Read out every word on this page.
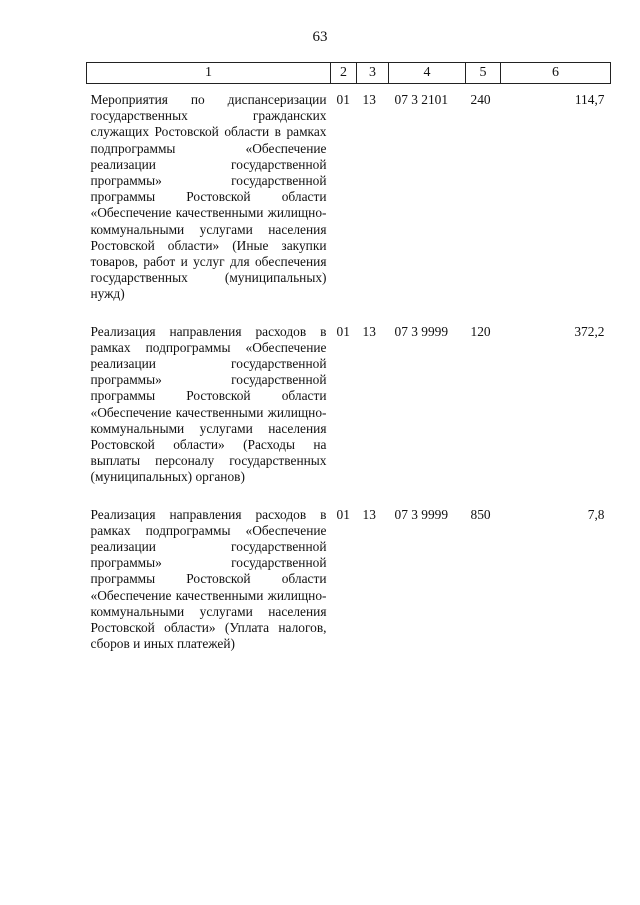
63
1	2	3	4	5	6
Мероприятия по диспансеризации государственных гражданских служащих Ростовской области в рамках подпрограммы «Обеспечение реализации государственной программы» государственной программы Ростовской области «Обеспечение качественными жилищно-коммунальными услугами населения Ростовской области» (Иные закупки товаров, работ и услуг для обеспечения государственных (муниципальных) нужд)	01	13	07 3 2101	240	114,7
Реализация направления расходов в рамках подпрограммы «Обеспечение реализации государственной программы» государственной программы Ростовской области «Обеспечение качественными жилищно-коммунальными услугами населения Ростовской области» (Расходы на выплаты персоналу государственных (муниципальных) органов)	01	13	07 3 9999	120	372,2
Реализация направления расходов в рамках подпрограммы «Обеспечение реализации государственной программы» государственной программы Ростовской области «Обеспечение качественными жилищно-коммунальными услугами населения Ростовской области» (Уплата налогов, сборов и иных платежей)	01	13	07 3 9999	850	7,8
